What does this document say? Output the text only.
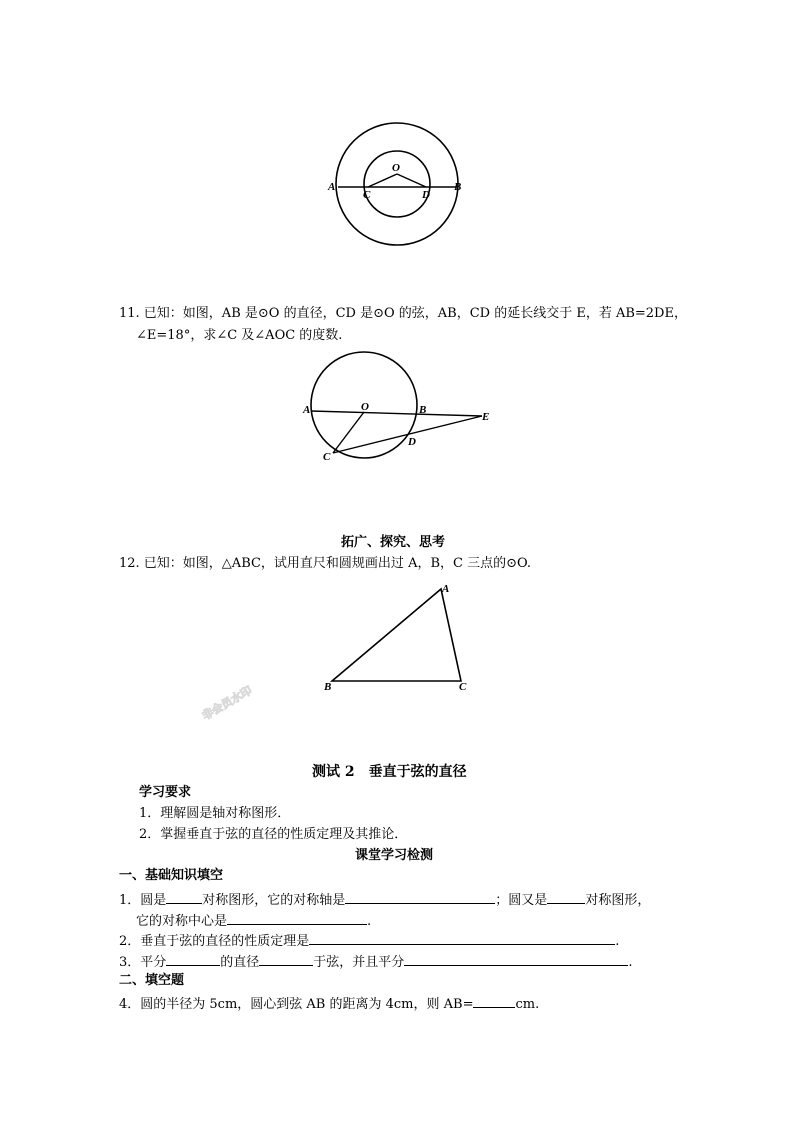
非会员水印
O
A	B
C	D
11. 已知：如图，AB 是⊙O 的直径，CD 是⊙O 的弦，AB，CD 的延长线交于 E，若 AB=2DE，
∠E=18°，求∠C 及∠AOC 的度数.
A	O	B
E
D
C
拓广、探究、思考
12. 已知：如图，△ABC，试用直尺和圆规画出过 A，B，C 三点的⊙O.
A
B	C
测试 2　垂直于弦的直径
学习要求
1．理解圆是轴对称图形．
2．掌握垂直于弦的直径的性质定理及其推论．
课堂学习检测
一、基础知识填空
1．圆是	对称图形，它的对称轴是	；圆又是	对称图形，
它的对称中心是	.
2．垂直于弦的直径的性质定理是	.
3．平分	的直径	于弦，并且平分	.
二、填空题
4．圆的半径为 5cm，圆心到弦 AB 的距离为 4cm，则 AB=	cm.
